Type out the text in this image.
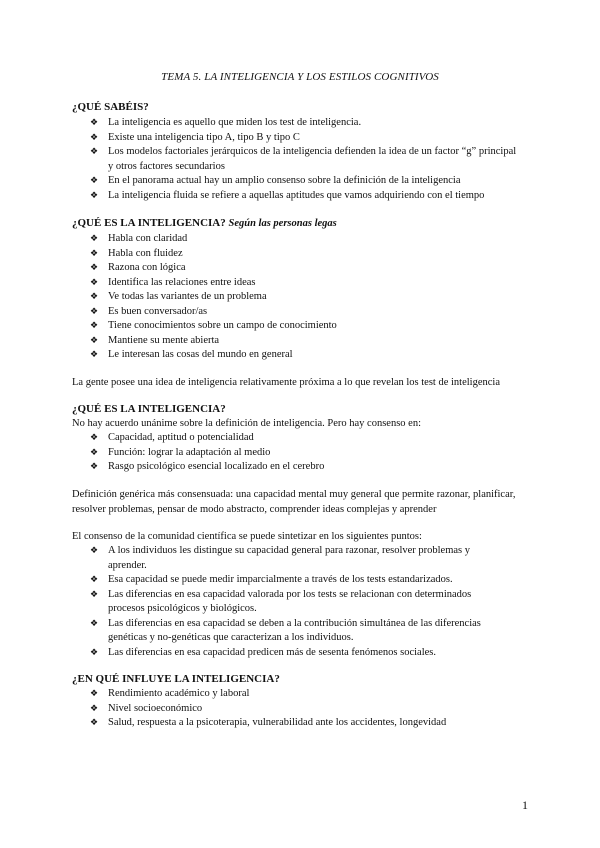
TEMA 5. LA INTELIGENCIA Y LOS ESTILOS COGNITIVOS
¿QUÉ SABÉIS?
❖ La inteligencia es aquello que miden los test de inteligencia.
❖ Existe una inteligencia tipo A, tipo B y tipo C
❖ Los modelos factoriales jerárquicos de la inteligencia defienden la idea de un factor “g” principal y otros factores secundarios
❖ En el panorama actual hay un amplio consenso sobre la definición de la inteligencia
❖ La inteligencia fluida se refiere a aquellas aptitudes que vamos adquiriendo con el tiempo
¿QUÉ ES LA INTELIGENCIA? Según las personas legas
❖ Habla con claridad
❖ Habla con fluidez
❖ Razona con lógica
❖ Identifica las relaciones entre ideas
❖ Ve todas las variantes de un problema
❖ Es buen conversador/as
❖ Tiene conocimientos sobre un campo de conocimiento
❖ Mantiene su mente abierta
❖ Le interesan las cosas del mundo en general
La gente posee una idea de inteligencia relativamente próxima a lo que revelan los test de inteligencia
¿QUÉ ES LA INTELIGENCIA?
No hay acuerdo unánime sobre la definición de inteligencia. Pero hay consenso en:
❖ Capacidad, aptitud o potencialidad
❖ Función: lograr la adaptación al medio
❖ Rasgo psicológico esencial localizado en el cerebro
Definición genérica más consensuada: una capacidad mental muy general que permite razonar, planificar, resolver problemas, pensar de modo abstracto, comprender ideas complejas y aprender
El consenso de la comunidad científica se puede sintetizar en los siguientes puntos:
❖ A los individuos les distingue su capacidad general para razonar, resolver problemas y aprender.
❖ Esa capacidad se puede medir imparcialmente a través de los tests estandarizados.
❖ Las diferencias en esa capacidad valorada por los tests se relacionan con determinados procesos psicológicos y biológicos.
❖ Las diferencias en esa capacidad se deben a la contribución simultánea de las diferencias genéticas y no-genéticas que caracterizan a los individuos.
❖ Las diferencias en esa capacidad predicen más de sesenta fenómenos sociales.
¿EN QUÉ INFLUYE LA INTELIGENCIA?
❖ Rendimiento académico y laboral
❖ Nivel socioeconómico
❖ Salud, respuesta a la psicoterapia, vulnerabilidad ante los accidentes, longevidad
1
